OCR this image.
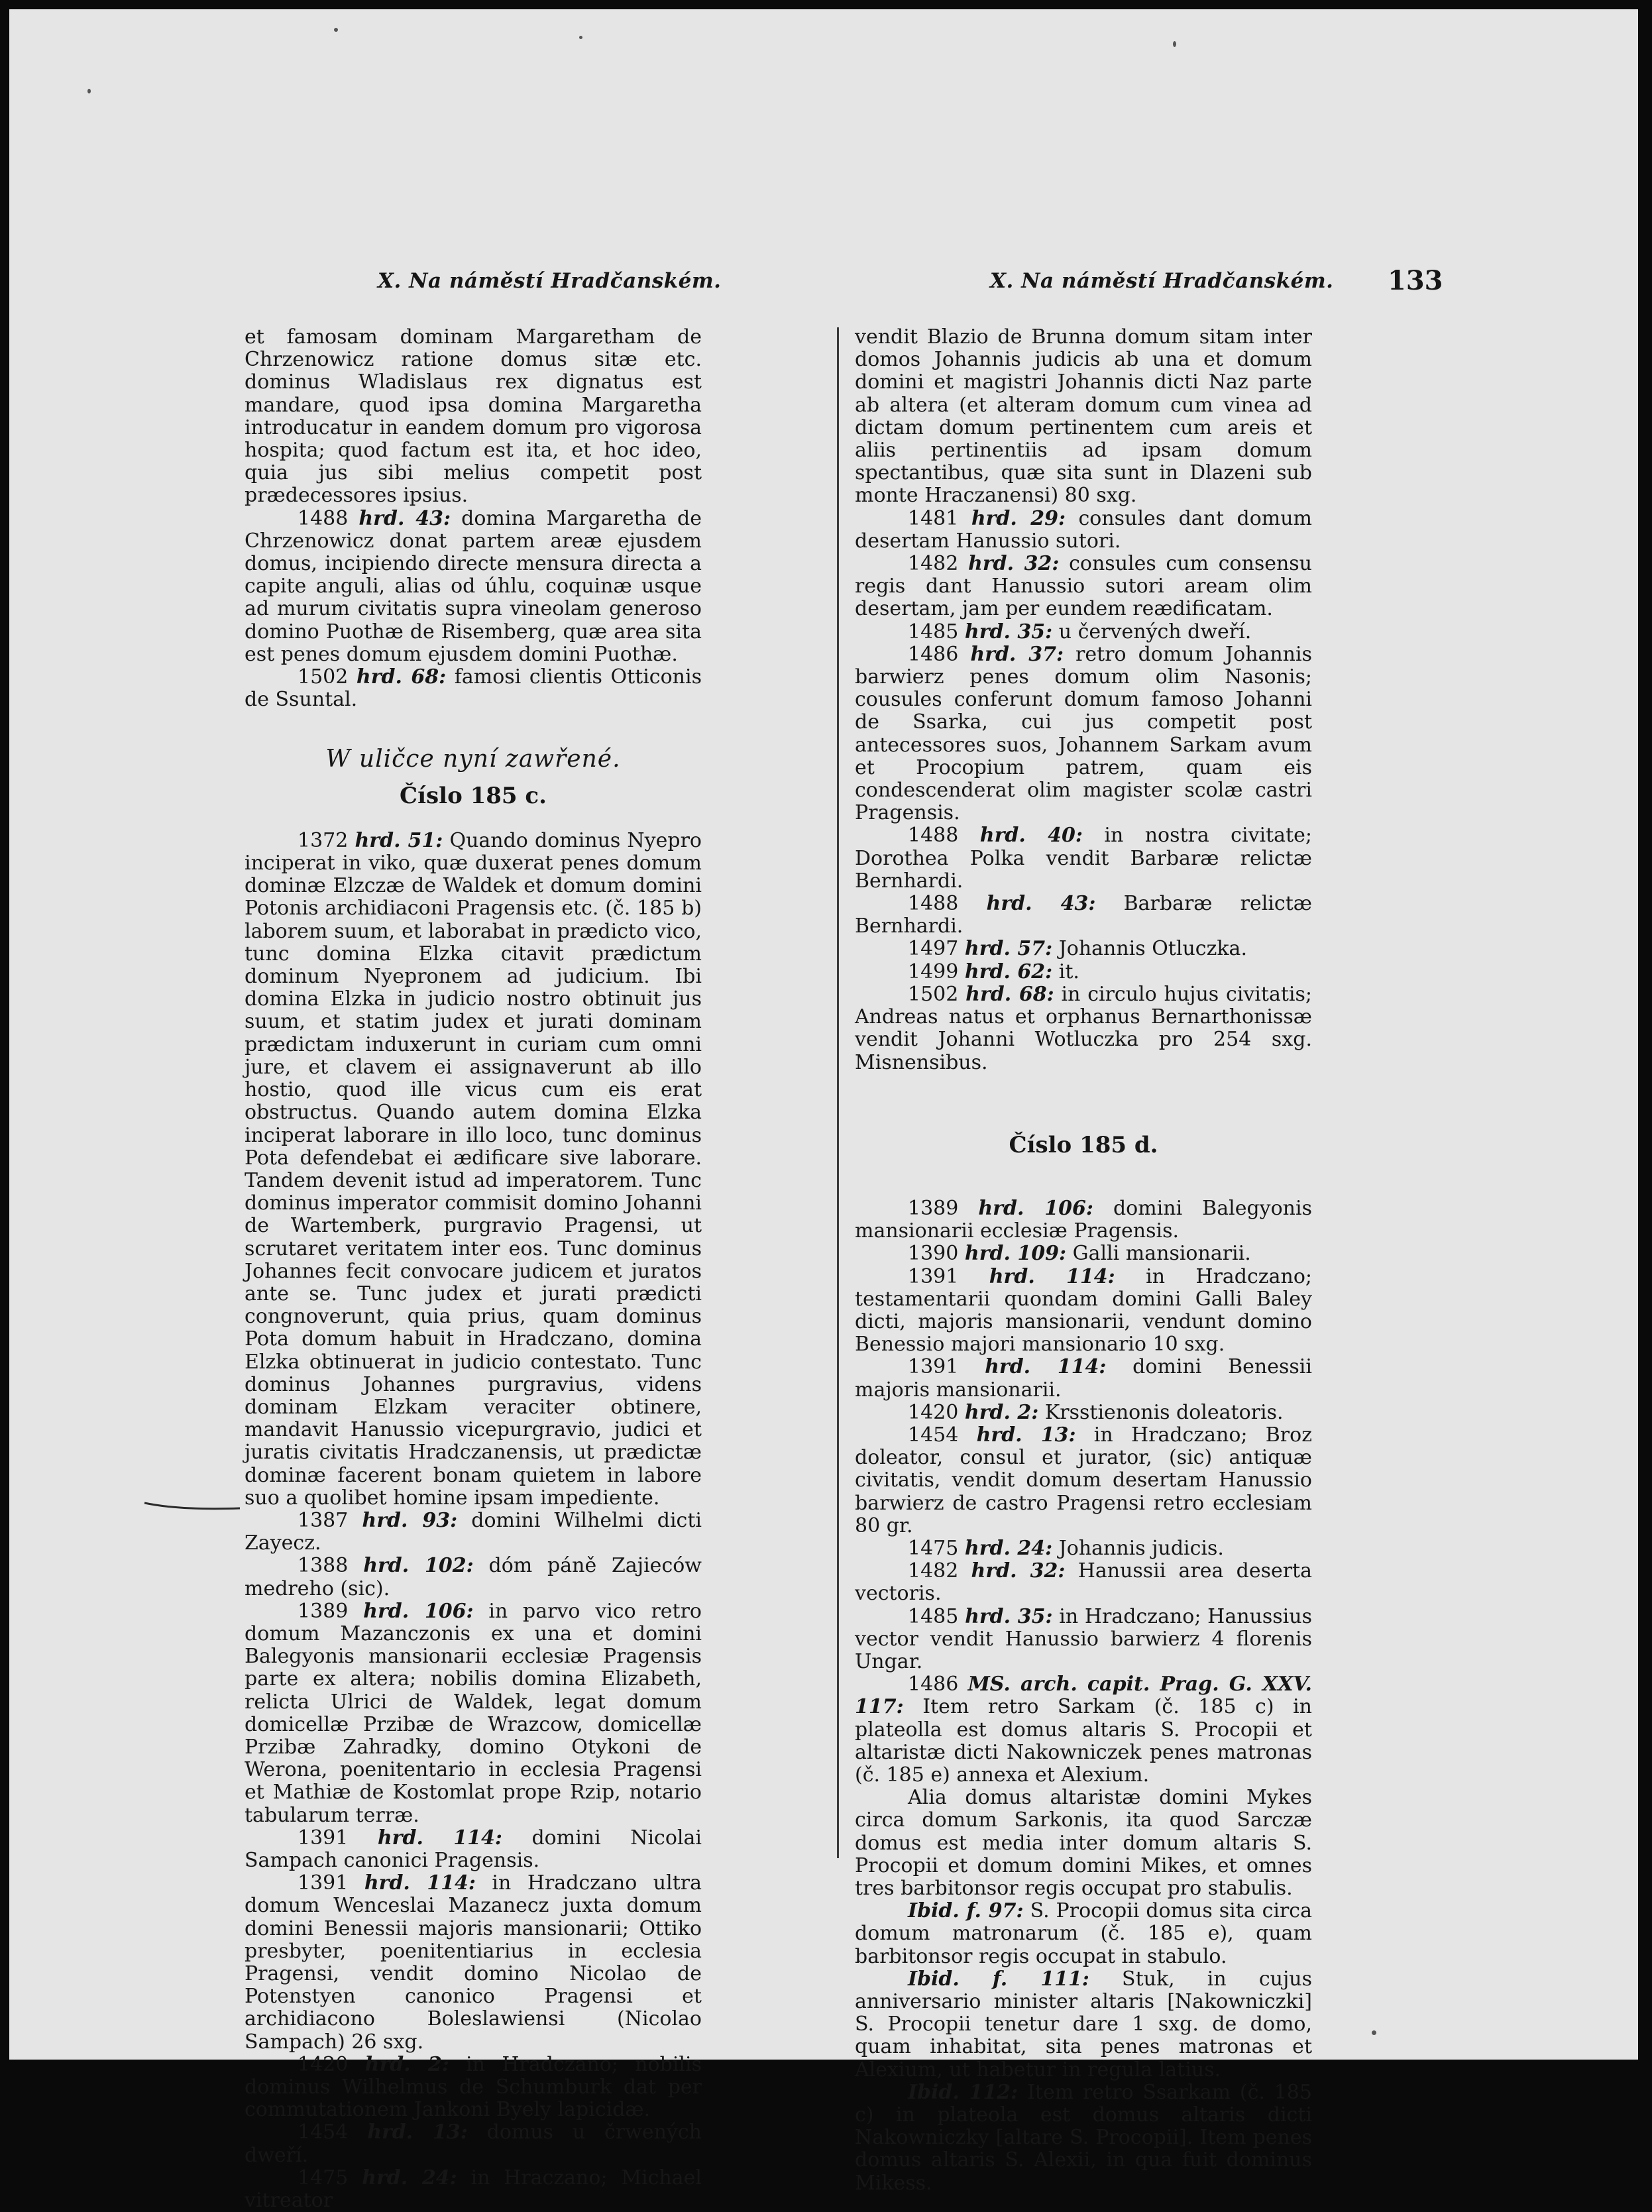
X. Na náměstí Hradčanském.	X. Na náměstí Hradčanském. 133

et famosam dominam Margaretham de Chrzenowicz ratione domus sitæ etc. dominus Wladislaus rex dignatus est mandare, quod ipsa domina Margaretha introducatur in eandem domum pro vigorosa hospita; quod factum est ita, et hoc ideo, quia jus sibi melius competit post prædecessores ipsius.

1488 hrd. 43: domina Margaretha de Chrzenowicz donat partem areæ ejusdem domus, incipiendo directe mensura directa a capite anguli, alias od úhlu, coquinæ usque ad murum civitatis supra vineolam generoso domino Puothæ de Risemberg, quæ area sita est penes domum ejusdem domini Puothæ.

1502 hrd. 68: famosi clientis Otticonis de Ssuntal.

W uličce nyní zawřené.
Číslo 185 c.

1372 hrd. 51: Quando dominus Nyepro inciperat in viko, quæ duxerat penes domum dominæ Elzczæ de Waldek et domum domini Potonis archidiaconi Pragensis etc. (č. 185 b) laborem suum, et laborabat in prædicto vico, tunc domina Elzka citavit prædictum dominum Nyepronem ad judicium. Ibi domina Elzka in judicio nostro obtinuit jus suum, et statim judex et jurati dominam prædictam induxerunt in curiam cum omni jure, et clavem ei assignaverunt ab illo hostio, quod ille vicus cum eis erat obstructus. Quando autem domina Elzka inciperat laborare in illo loco, tunc dominus Pota defendebat ei ædificare sive laborare. Tandem devenit istud ad imperatorem. Tunc dominus imperator commisit domino Johanni de Wartemberk, purgravio Pragensi, ut scrutaret veritatem inter eos. Tunc dominus Johannes fecit convocare judicem et juratos ante se. Tunc judex et jurati prædicti congnoverunt, quia prius, quam dominus Pota domum habuit in Hradczano, domina Elzka obtinuerat in judicio contestato. Tunc dominus Johannes purgravius, videns dominam Elzkam veraciter obtinere, mandavit Hanussio vicepurgravio, judici et juratis civitatis Hradczanensis, ut prædictæ dominæ facerent bonam quietem in labore suo a quolibet homine ipsam impediente.

1387 hrd. 93: domini Wilhelmi dicti Zayecz.

1388 hrd. 102: dóm páně Zajieców medreho (sic).

1389 hrd. 106: in parvo vico retro domum Mazanczonis ex una et domini Balegyonis mansionarii ecclesiæ Pragensis parte ex altera; nobilis domina Elizabeth, relicta Ulrici de Waldek, legat domum domicellæ Przibæ de Wrazcow, domicellæ Przibæ Zahradky, domino Otykoni de Werona, poenitentario in ecclesia Pragensi et Mathiæ de Kostomlat prope Rzip, notario tabularum terræ.

1391 hrd. 114: domini Nicolai Sampach canonici Pragensis.

1391 hrd. 114: in Hradczano ultra domum Wenceslai Mazanecz juxta domum domini Benessii majoris mansionarii; Ottiko presbyter, poenitentiarius in ecclesia Pragensi, vendit domino Nicolao de Potenstyen canonico Pragensi et archidiacono Boleslawiensi (Nicolao Sampach) 26 sxg.

1420 hrd. 2: in Hradczano; nobilis dominus Wilhelmus de Schumburk dat per commutationem Jankoni Byely lapicidæ.

1454 hrd. 13: domus u črwených dweří.

1475 hrd. 24: in Hraczano; Michael vitreator

vendit Blazio de Brunna domum sitam inter domos Johannis judicis ab una et domum domini et magistri Johannis dicti Naz parte ab altera (et alteram domum cum vinea ad dictam domum pertinentem cum areis et aliis pertinentiis ad ipsam domum spectantibus, quæ sita sunt in Dlazeni sub monte Hraczanensi) 80 sxg.

1481 hrd. 29: consules dant domum desertam Hanussio sutori.

1482 hrd. 32: consules cum consensu regis dant Hanussio sutori aream olim desertam, jam per eundem reædificatam.

1485 hrd. 35: u červených dweří.

1486 hrd. 37: retro domum Johannis barwierz penes domum olim Nasonis; cousules conferunt domum famoso Johanni de Ssarka, cui jus competit post antecessores suos, Johannem Sarkam avum et Procopium patrem, quam eis condescenderat olim magister scolæ castri Pragensis.

1488 hrd. 40: in nostra civitate; Dorothea Polka vendit Barbaræ relictæ Bernhardi.

1488 hrd. 43: Barbaræ relictæ Bernhardi.

1497 hrd. 57: Johannis Otluczka.

1499 hrd. 62: it.

1502 hrd. 68: in circulo hujus civitatis; Andreas natus et orphanus Bernarthonissæ vendit Johanni Wotluczka pro 254 sxg. Misnensibus.

Číslo 185 d.

1389 hrd. 106: domini Balegyonis mansionarii ecclesiæ Pragensis.

1390 hrd. 109: Galli mansionarii.

1391 hrd. 114: in Hradczano; testamentarii quondam domini Galli Baley dicti, majoris mansionarii, vendunt domino Benessio majori mansionario 10 sxg.

1391 hrd. 114: domini Benessii majoris mansionarii.

1420 hrd. 2: Krsstienonis doleatoris.

1454 hrd. 13: in Hradczano; Broz doleator, consul et jurator, (sic) antiquæ civitatis, vendit domum desertam Hanussio barwierz de castro Pragensi retro ecclesiam 80 gr.

1475 hrd. 24: Johannis judicis.

1482 hrd. 32: Hanussii area deserta vectoris.

1485 hrd. 35: in Hradczano; Hanussius vector vendit Hanussio barwierz 4 florenis Ungar.

1486 MS. arch. capit. Prag. G. XXV. 117: Item retro Sarkam (č. 185 c) in plateolla est domus altaris S. Procopii et altaristæ dicti Nakowniczek penes matronas (č. 185 e) annexa et Alexium.

Alia domus altaristæ domini Mykes circa domum Sarkonis, ita quod Sarczæ domus est media inter domum altaris S. Procopii et domum domini Mikes, et omnes tres barbitonsor regis occupat pro stabulis.

Ibid. f. 97: S. Procopii domus sita circa domum matronarum (č. 185 e), quam barbitonsor regis occupat in stabulo.

Ibid. f. 111: Stuk, in cujus anniversario minister altaris [Nakowniczki] S. Procopii tenetur dare 1 sxg. de domo, quam inhabitat, sita penes matronas et Alexium, ut habetur in regula latius.

Ibid. 112: Item retro Ssarkam (č. 185 c) in plateola est domus altaris dicti Nakowniczky [altare S. Procopii]. Item penes domus altaris S. Alexii, in qua fuit dominus Mikess.
